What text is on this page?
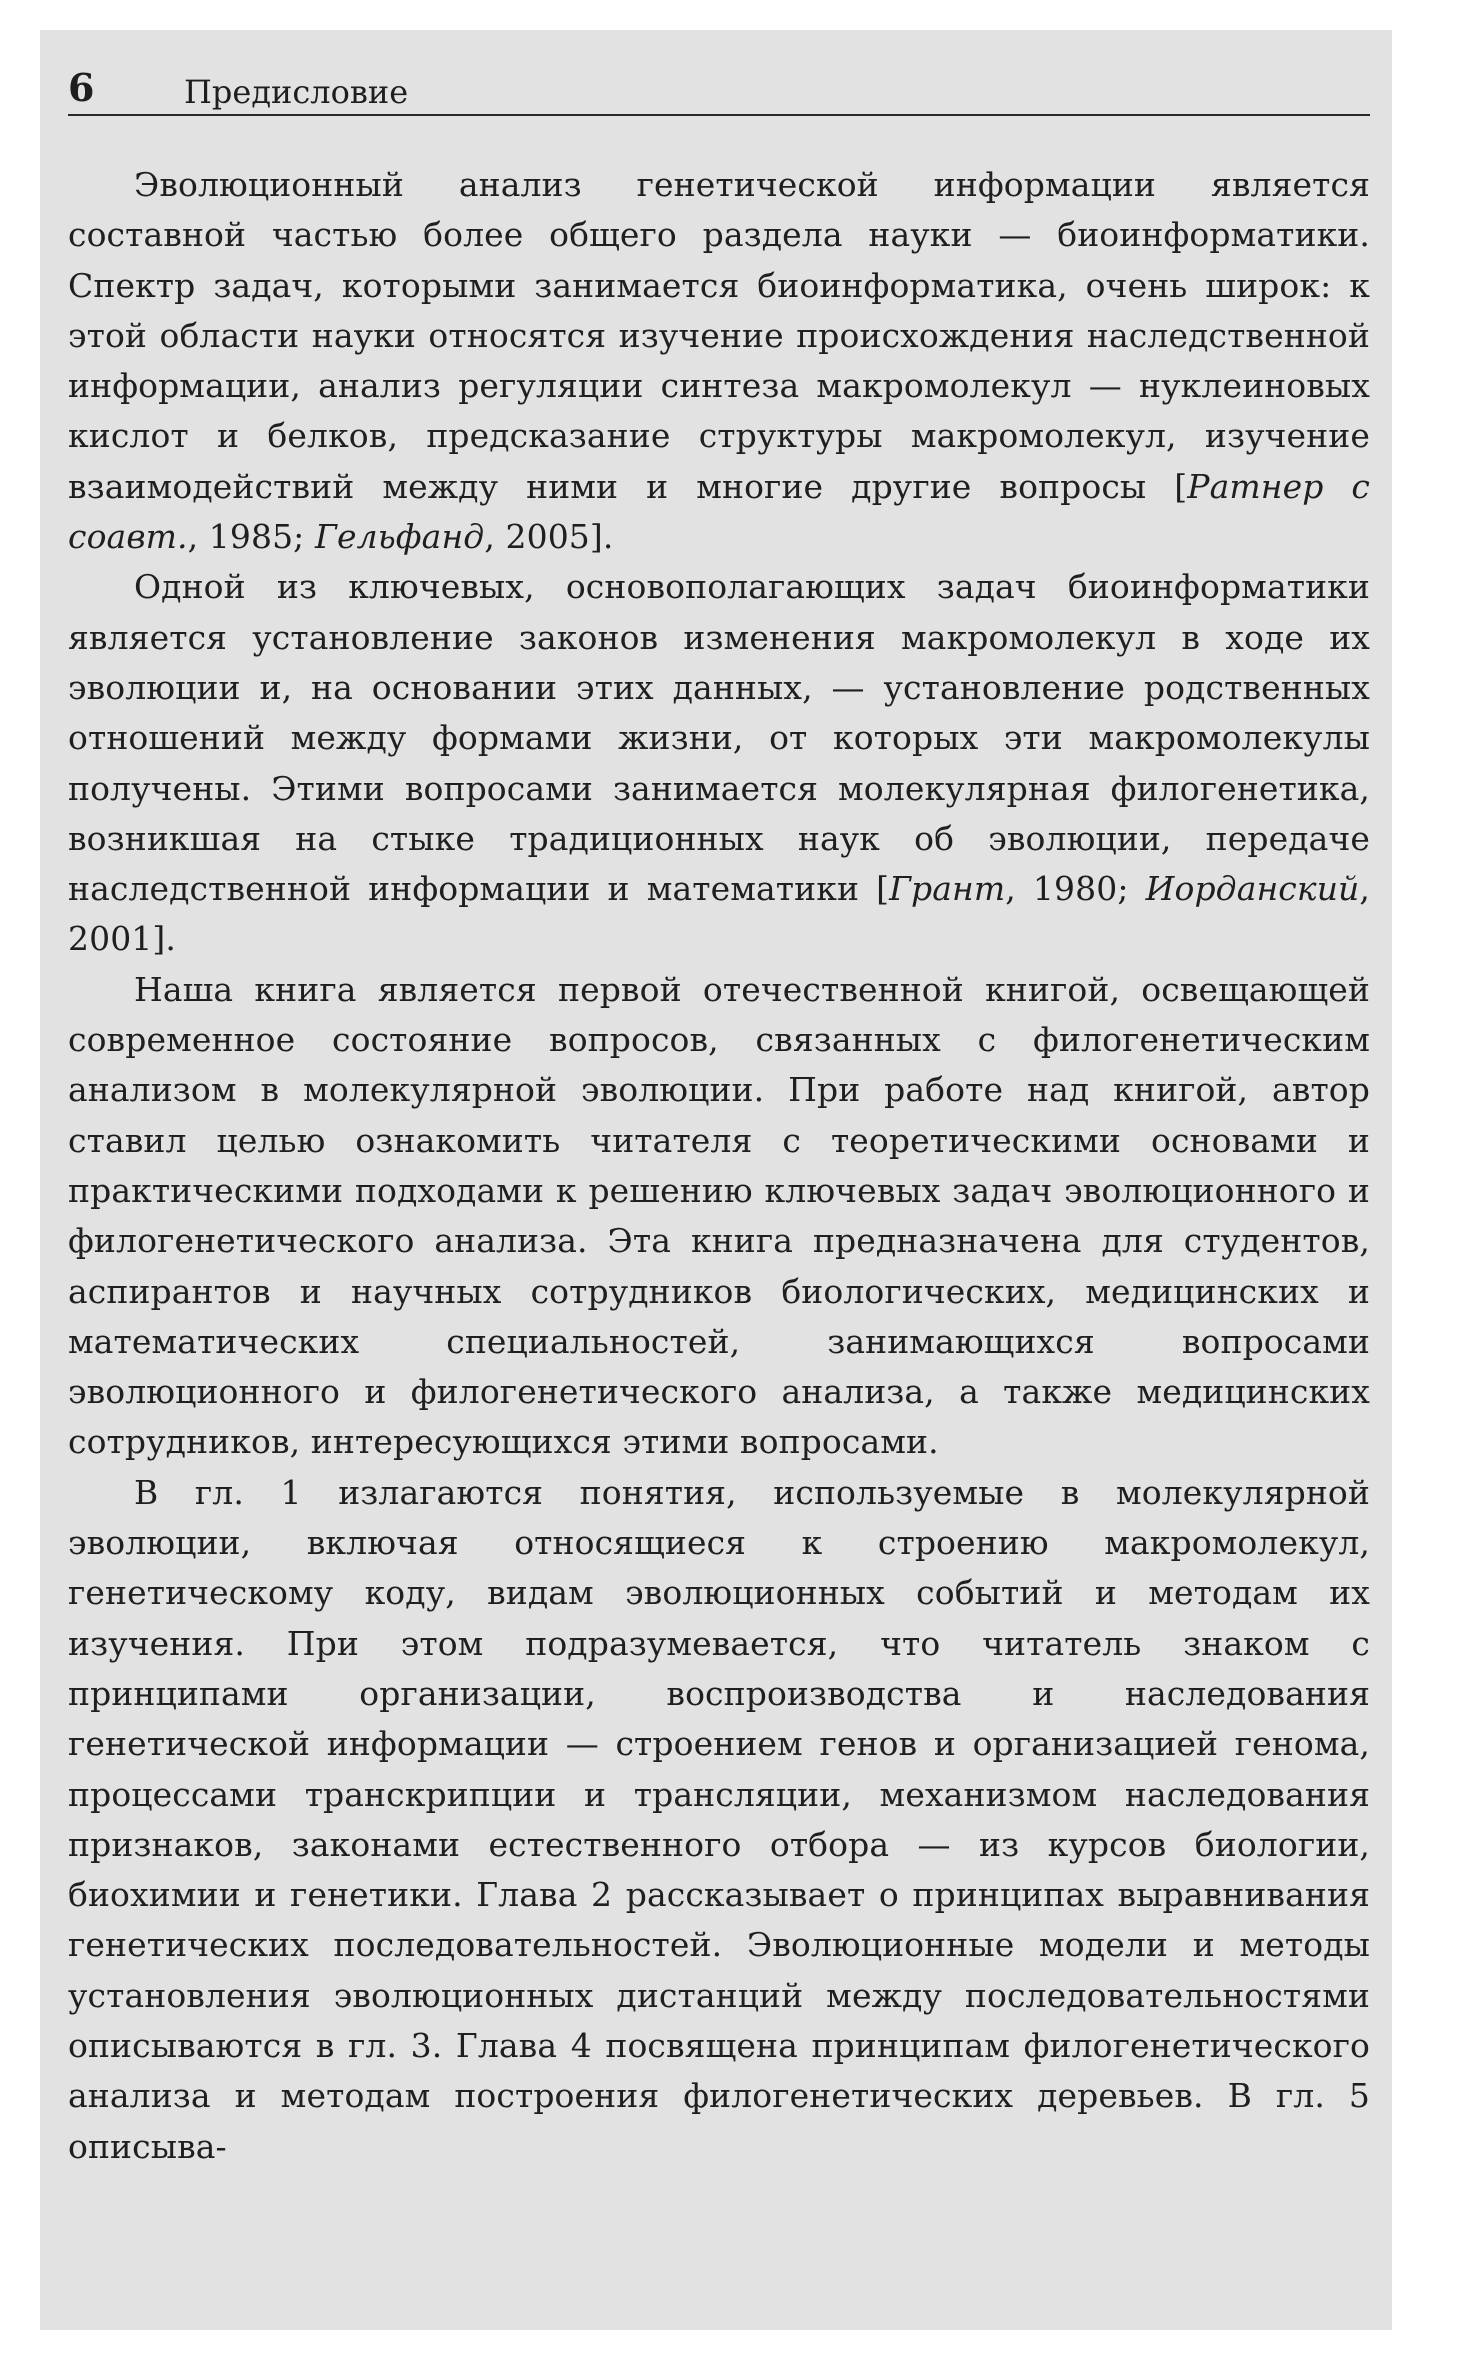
6	Предисловие

Эволюционный анализ генетической информации является составной частью более общего раздела науки — биоинформатики. Спектр задач, которыми занимается биоинформатика, очень широк: к этой области науки относятся изучение происхождения наследственной информации, анализ регуляции синтеза макромолекул — нуклеиновых кислот и белков, предсказание структуры макромолекул, изучение взаимодействий между ними и многие другие вопросы [Ратнер с соавт., 1985; Гельфанд, 2005].

Одной из ключевых, основополагающих задач биоинформатики является установление законов изменения макромолекул в ходе их эволюции и, на основании этих данных, — установление родственных отношений между формами жизни, от которых эти макромолекулы получены. Этими вопросами занимается молекулярная филогенетика, возникшая на стыке традиционных наук об эволюции, передаче наследственной информации и математики [Грант, 1980; Иорданский, 2001].

Наша книга является первой отечественной книгой, освещающей современное состояние вопросов, связанных с филогенетическим анализом в молекулярной эволюции. При работе над книгой, автор ставил целью ознакомить читателя с теоретическими основами и практическими подходами к решению ключевых задач эволюционного и филогенетического анализа. Эта книга предназначена для студентов, аспирантов и научных сотрудников биологических, медицинских и математических специальностей, занимающихся вопросами эволюционного и филогенетического анализа, а также медицинских сотрудников, интересующихся этими вопросами.

В гл. 1 излагаются понятия, используемые в молекулярной эволюции, включая относящиеся к строению макромолекул, генетическому коду, видам эволюционных событий и методам их изучения. При этом подразумевается, что читатель знаком с принципами организации, воспроизводства и наследования генетической информации — строением генов и организацией генома, процессами транскрипции и трансляции, механизмом наследования признаков, законами естественного отбора — из курсов биологии, биохимии и генетики. Глава 2 рассказывает о принципах выравнивания генетических последовательностей. Эволюционные модели и методы установления эволюционных дистанций между последовательностями описываются в гл. 3. Глава 4 посвящена принципам филогенетического анализа и методам построения филогенетических деревьев. В гл. 5 описыва-
